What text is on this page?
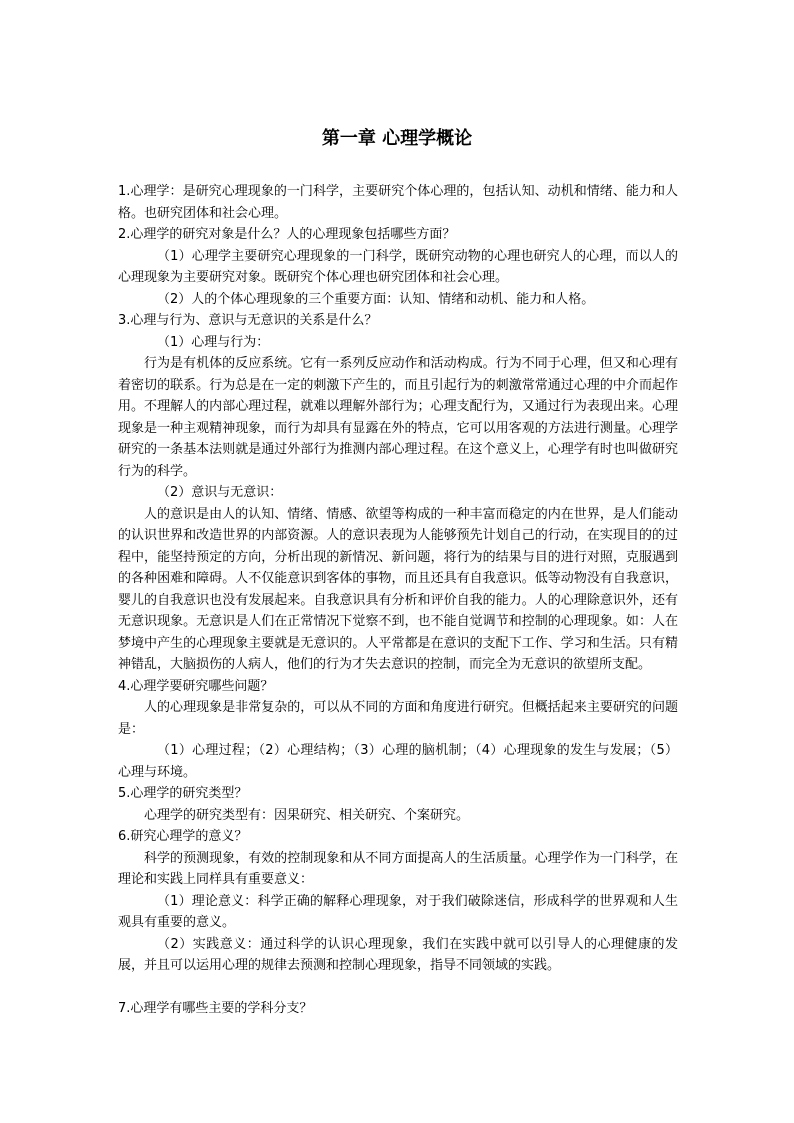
第一章 心理学概论

1.心理学：是研究心理现象的一门科学，主要研究个体心理的，包括认知、动机和情绪、能力和人格。也研究团体和社会心理。

2.心理学的研究对象是什么？人的心理现象包括哪些方面？

（1）心理学主要研究心理现象的一门科学，既研究动物的心理也研究人的心理，而以人的心理现象为主要研究对象。既研究个体心理也研究团体和社会心理。

（2）人的个体心理现象的三个重要方面：认知、情绪和动机、能力和人格。

3.心理与行为、意识与无意识的关系是什么？

（1）心理与行为：

行为是有机体的反应系统。它有一系列反应动作和活动构成。行为不同于心理，但又和心理有着密切的联系。行为总是在一定的刺激下产生的，而且引起行为的刺激常常通过心理的中介而起作用。不理解人的内部心理过程，就难以理解外部行为；心理支配行为，又通过行为表现出来。心理现象是一种主观精神现象，而行为却具有显露在外的特点，它可以用客观的方法进行测量。心理学研究的一条基本法则就是通过外部行为推测内部心理过程。在这个意义上，心理学有时也叫做研究行为的科学。

（2）意识与无意识：

人的意识是由人的认知、情绪、情感、欲望等构成的一种丰富而稳定的内在世界，是人们能动的认识世界和改造世界的内部资源。人的意识表现为人能够预先计划自己的行动，在实现目的的过程中，能坚持预定的方向，分析出现的新情况、新问题，将行为的结果与目的进行对照，克服遇到的各种困难和障碍。人不仅能意识到客体的事物，而且还具有自我意识。低等动物没有自我意识，婴儿的自我意识也没有发展起来。自我意识具有分析和评价自我的能力。人的心理除意识外，还有无意识现象。无意识是人们在正常情况下觉察不到，也不能自觉调节和控制的心理现象。如：人在梦境中产生的心理现象主要就是无意识的。人平常都是在意识的支配下工作、学习和生活。只有精神错乱，大脑损伤的人病人，他们的行为才失去意识的控制，而完全为无意识的欲望所支配。

4.心理学要研究哪些问题？

人的心理现象是非常复杂的，可以从不同的方面和角度进行研究。但概括起来主要研究的问题是：

（1）心理过程；（2）心理结构；（3）心理的脑机制；（4）心理现象的发生与发展；（5）心理与环境。

5.心理学的研究类型？

心理学的研究类型有：因果研究、相关研究、个案研究。

6.研究心理学的意义？

科学的预测现象，有效的控制现象和从不同方面提高人的生活质量。心理学作为一门科学，在理论和实践上同样具有重要意义：

（1）理论意义：科学正确的解释心理现象，对于我们破除迷信，形成科学的世界观和人生观具有重要的意义。

（2）实践意义：通过科学的认识心理现象，我们在实践中就可以引导人的心理健康的发展，并且可以运用心理的规律去预测和控制心理现象，指导不同领域的实践。

7.心理学有哪些主要的学科分支？
